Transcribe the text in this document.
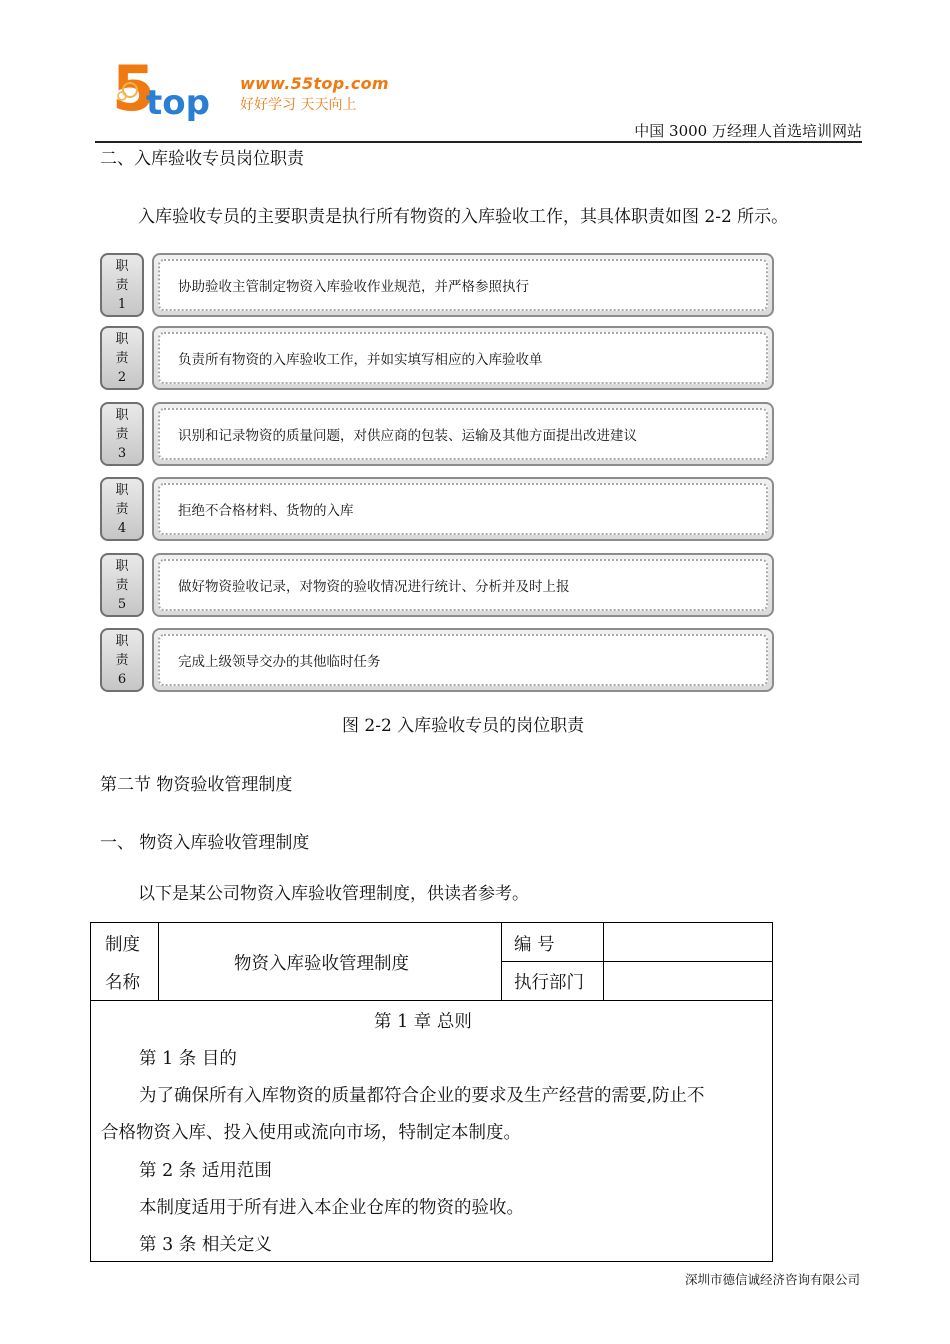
5
top www.55top.com
好好学习 天天向上
中国 3000 万经理人首选培训网站
二、入库验收专员岗位职责
入库验收专员的主要职责是执行所有物资的入库验收工作，其具体职责如图 2-2 所示。
职
责
1
协助验收主管制定物资入库验收作业规范，并严格参照执行
职
责
2
负责所有物资的入库验收工作，并如实填写相应的入库验收单
职
责
3
识别和记录物资的质量问题，对供应商的包装、运输及其他方面提出改进建议
职
责
4
拒绝不合格材料、货物的入库
职
责
5
做好物资验收记录，对物资的验收情况进行统计、分析并及时上报
职
责
6
完成上级领导交办的其他临时任务
图 2-2 入库验收专员的岗位职责
第二节 物资验收管理制度
一、 物资入库验收管理制度
以下是某公司物资入库验收管理制度，供读者参考。
制度
名称
物资入库验收管理制度
编 号
执行部门
第 1 章 总则
第 1 条 目的
为了确保所有入库物资的质量都符合企业的要求及生产经营的需要,防止不
合格物资入库、投入使用或流向市场，特制定本制度。
第 2 条 适用范围
本制度适用于所有进入本企业仓库的物资的验收。
第 3 条 相关定义
深圳市德信诚经济咨询有限公司
